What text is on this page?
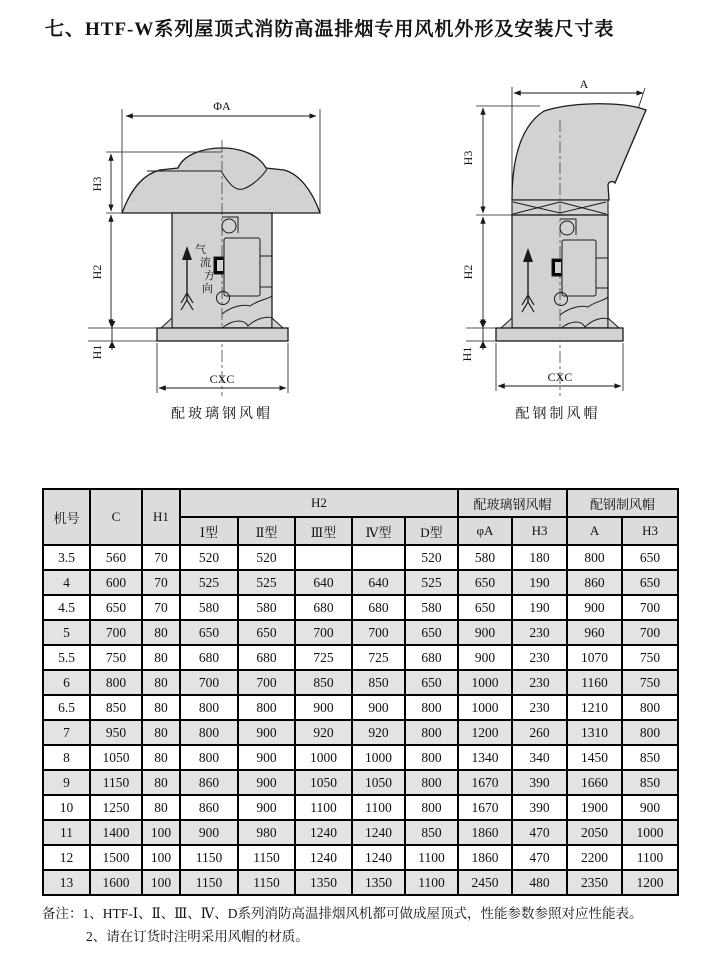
七、HTF-W系列屋顶式消防高温排烟专用风机外形及安装尺寸表
ΦA
H3
H2
H1
CXC
气
流
方
向
配玻璃钢风帽
A
H3
H2
H1
CXC
配钢制风帽
机号	C	H1	H2					配玻璃钢风帽		配钢制风帽	
			Ⅰ型	Ⅱ型	Ⅲ型	Ⅳ型	D型	φA	H3	A	H3
3.5	560	70	520	520			520	580	180	800	650
4	600	70	525	525	640	640	525	650	190	860	650
4.5	650	70	580	580	680	680	580	650	190	900	700
5	700	80	650	650	700	700	650	900	230	960	700
5.5	750	80	680	680	725	725	680	900	230	1070	750
6	800	80	700	700	850	850	650	1000	230	1160	750
6.5	850	80	800	800	900	900	800	1000	230	1210	800
7	950	80	800	900	920	920	800	1200	260	1310	800
8	1050	80	800	900	1000	1000	800	1340	340	1450	850
9	1150	80	860	900	1050	1050	800	1670	390	1660	850
10	1250	80	860	900	1100	1100	800	1670	390	1900	900
11	1400	100	900	980	1240	1240	850	1860	470	2050	1000
12	1500	100	1150	1150	1240	1240	1100	1860	470	2200	1100
13	1600	100	1150	1150	1350	1350	1100	2450	480	2350	1200
备注：1、HTF-Ⅰ、Ⅱ、Ⅲ、Ⅳ、D系列消防高温排烟风机都可做成屋顶式，性能参数参照对应性能表。
2、请在订货时注明采用风帽的材质。
